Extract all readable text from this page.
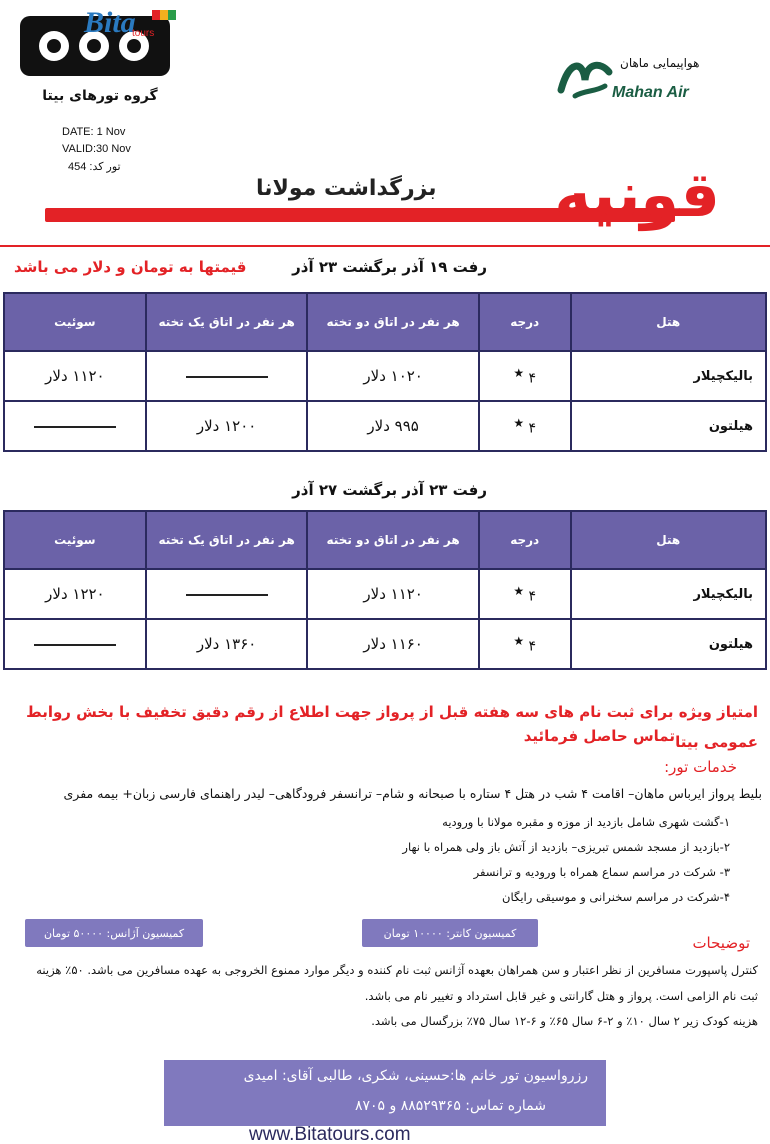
Bita
tours
گروه تورهای بیتا
DATE: 1 Nov
VALID:30 Nov
تور کد: 454
هواپیمایی ماهان
Mahan Air
قونیه
بزرگداشت مولانا
قیمتها به تومان و دلار می باشد	رفت ۱۹ آذر برگشت ۲۳ آذر
هتل	درجه	هر نفر در اتاق دو تخته	هر نفر در اتاق یک تخته	سوئیت
بالیکچیلار	۴ ★	۱۰۲۰ دلار		۱۱۲۰ دلار
هیلتون	۴ ★	۹۹۵ دلار	۱۲۰۰ دلار	
رفت ۲۳ آذر برگشت ۲۷ آذر
هتل	درجه	هر نفر در اتاق دو تخته	هر نفر در اتاق یک تخته	سوئیت
بالیکچیلار	۴ ★	۱۱۲۰ دلار		۱۲۲۰ دلار
هیلتون	۴ ★	۱۱۶۰ دلار	۱۳۶۰ دلار	
امتیاز ویژه برای ثبت نام های سه هفته قبل از پرواز جهت اطلاع از رقم دقیق تخفیف با بخش روابط عمومی بیتا
تماس حاصل فرمائید
خدمات تور:
بلیط پرواز ایرباس ماهان– اقامت ۴ شب در هتل ۴ ستاره با صبحانه و شام– ترانسفر فرودگاهی– لیدر راهنمای فارسی زبان+ بیمه مفری
۱-گشت شهری شامل بازدید از موزه و مقبره مولانا با ورودیه
۲-بازدید از مسجد شمس تبریزی– بازدید از آتش باز ولی همراه با نهار
۳- شرکت در مراسم سماع همراه با ورودیه و ترانسفر
۴-شرکت در مراسم سخنرانی و موسیقی رایگان
کمیسیون کانتر: ۱۰۰۰۰ تومان
کمیسیون آژانس: ۵۰۰۰۰ تومان
توضیحات
کنترل پاسپورت مسافرین از نظر اعتبار و سن همراهان بعهده آژانس ثبت نام کننده و دیگر موارد ممنوع الخروجی به عهده مسافرین می باشد. ۵۰٪ هزینه
ثبت نام الزامی است. پرواز و هتل گارانتی و غیر قابل استرداد و تغییر نام می باشد.
هزینه کودک زیر ۲ سال ۱۰٪ و ۲-۶ سال ۶۵٪ و ۶-۱۲ سال ۷۵٪ بزرگسال می باشد.
رزرواسیون تور خانم ها:حسینی، شکری، طالبی آقای: امیدی
شماره تماس: ۸۸۵۲۹۳۶۵ و ۸۷۰۵
www.Bitatours.com
